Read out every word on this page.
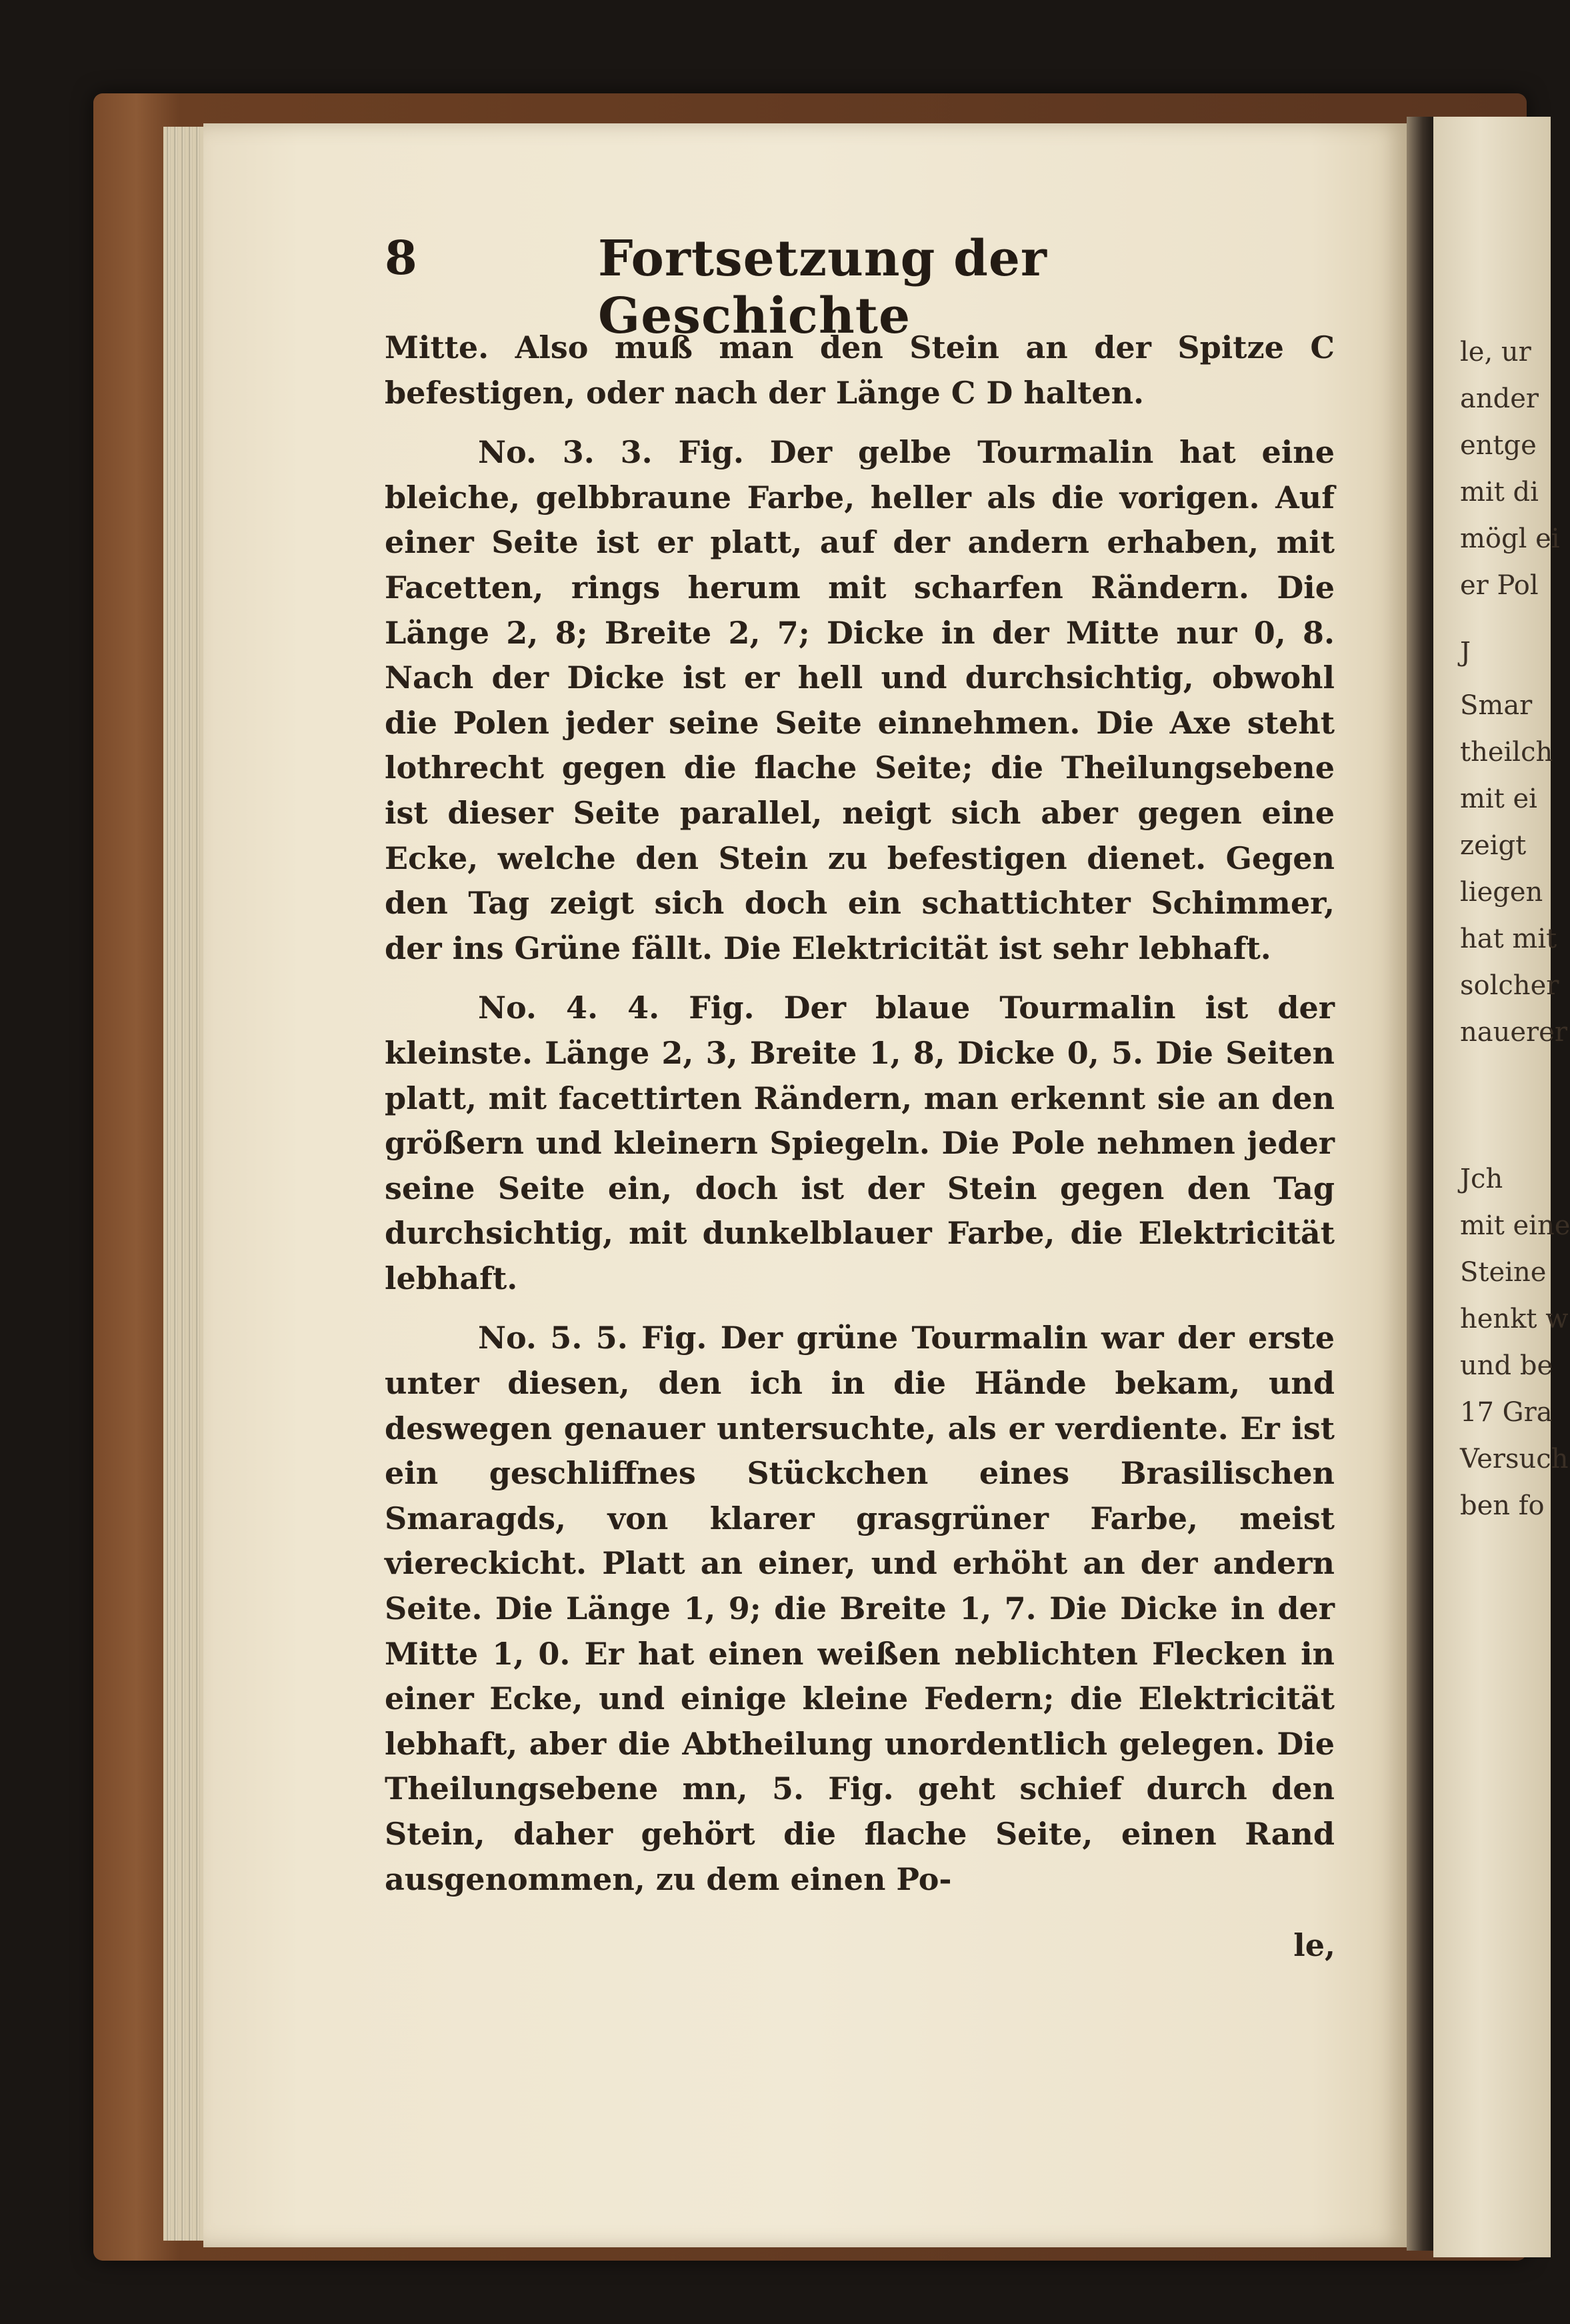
le, ur
ander
entge
mit di
mögl ei
er Pol
J
Smar
theilch
mit ei
zeigt
liegen
hat mit
solcher
nauerer
Jch
mit eine
Steine
henkt w
und be
17 Gra
Versuch
ben fo
8	Fortsetzung der Geschichte

Mitte. Also muß man den Stein an der Spitze C befestigen, oder nach der Länge C D halten.

No. 3. 3. Fig. Der gelbe Tourmalin hat eine bleiche, gelbbraune Farbe, heller als die vorigen. Auf einer Seite ist er platt, auf der andern erhaben, mit Facetten, rings herum mit scharfen Rändern. Die Länge 2, 8; Breite 2, 7; Dicke in der Mitte nur 0, 8. Nach der Dicke ist er hell und durchsichtig, obwohl die Polen jeder seine Seite einnehmen. Die Axe steht lothrecht gegen die flache Seite; die Theilungsebene ist dieser Seite parallel, neigt sich aber gegen eine Ecke, welche den Stein zu befestigen dienet. Gegen den Tag zeigt sich doch ein schattichter Schimmer, der ins Grüne fällt. Die Elektricität ist sehr lebhaft.

No. 4. 4. Fig. Der blaue Tourmalin ist der kleinste. Länge 2, 3, Breite 1, 8, Dicke 0, 5. Die Seiten platt, mit facettirten Rändern, man erkennt sie an den größern und kleinern Spiegeln. Die Pole nehmen jeder seine Seite ein, doch ist der Stein gegen den Tag durchsichtig, mit dunkelblauer Farbe, die Elektricität lebhaft.

No. 5. 5. Fig. Der grüne Tourmalin war der erste unter diesen, den ich in die Hände bekam, und deswegen genauer untersuchte, als er verdiente. Er ist ein geschliffnes Stückchen eines Brasilischen Smaragds, von klarer grasgrüner Farbe, meist viereckicht. Platt an einer, und erhöht an der andern Seite. Die Länge 1, 9; die Breite 1, 7. Die Dicke in der Mitte 1, 0. Er hat einen weißen neblichten Flecken in einer Ecke, und einige kleine Federn; die Elektricität lebhaft, aber die Abtheilung unordentlich gelegen. Die Theilungsebene mn, 5. Fig. geht schief durch den Stein, daher gehört die flache Seite, einen Rand ausgenommen, zu dem einen Po-

le,
